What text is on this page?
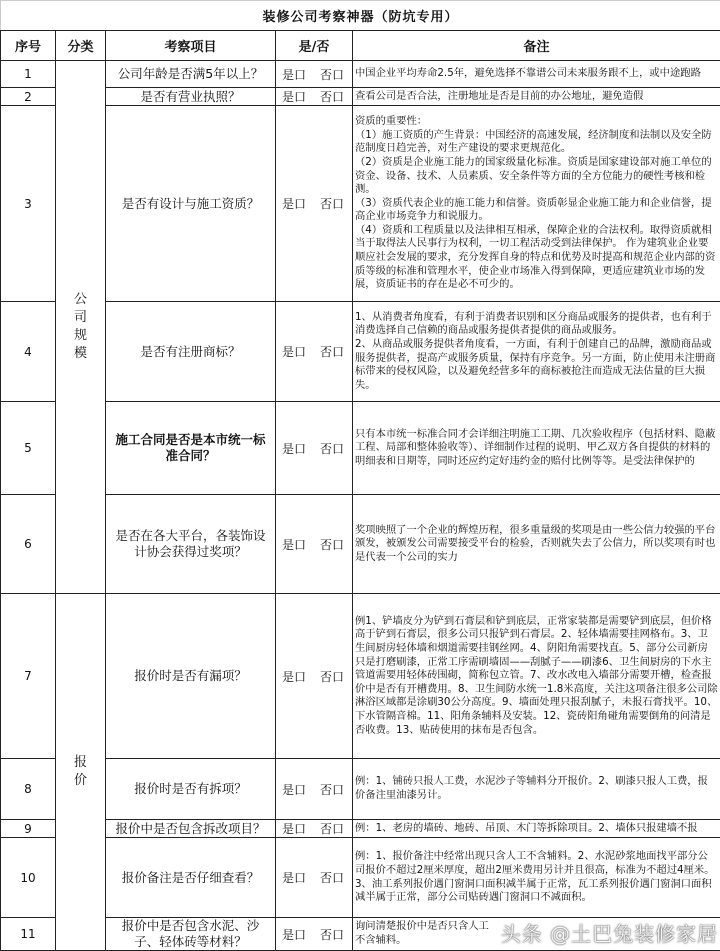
装修公司考察神器（防坑专用）				
序号	分类	考察项目	是/否	备注
1	公司规模	公司年龄是否满5年以上？	是口 否口	中国企业平均寿命2.5年，避免选择不靠谱公司未来服务跟不上，或中途跑路
2		是否有营业执照？	是口 否口	查看公司是否合法，注册地址是否是目前的办公地址，避免造假
3		是否有设计与施工资质？	是口 否口	资质的重要性：
（1）施工资质的产生背景：中国经济的高速发展，经济制度和法制以及安全防范制度日趋完善，对生产建设的要求更规范化。
（2）资质是企业施工能力的国家级量化标准。资质是国家建设部对施工单位的资金、设备、技术、人员素质、安全条件等方面的全方位能力的硬性考核和检测。
（3）资质代表企业的施工能力和信誉。资质彰显企业施工能力和企业信誉，提高企业市场竞争力和说服力。
（4）资质和工程质量以及法律相互相承，保障企业的合法权利。取得资质就相当于取得法人民事行为权利，一切工程活动受到法律保护。 作为建筑业企业要顺应社会发展的要求，充分发挥自身的特点和优势及时提高和规范企业内部的资质等级的标准和管理水平，使企业市场准入得到保障，更适应建筑业市场的发展，资质证书的存在是必不可少的。
4		是否有注册商标？	是口 否口	1、从消费者角度看，有利于消费者识别和区分商品或服务的提供者，也有利于消费选择自己信赖的商品或服务提供者提供的商品或服务。
2、从商品或服务提供者角度看，一方面，有利于创建自己的品牌，激励商品或服务提供者，提高产或服务质量，保持有序竞争。另一方面，防止使用未注册商标带来的侵权风险，以及避免经营多年的商标被抢注而造成无法估量的巨大损失。
5		施工合同是否是本市统一标准合同？	是口 否口	只有本市统一标准合同才会详细注明施工工期、几次验收程序（包括材料、隐蔽工程、局部和整体验收等）、详细制作过程的说明、甲乙双方各自提供的材料的明细表和日期等，同时还应约定好违约金的赔付比例等等。是受法律保护的
6		是否在各大平台，各装饰设计协会获得过奖项？	是口 否口	奖项映照了一个企业的辉煌历程，很多重量级的奖项是由一些公信力较强的平台颁发，被颁发公司需要接受平台的检验，否则就失去了公信力，所以奖项有时也是代表一个公司的实力
7	报价	报价时是否有漏项？	是口 否口	例1、铲墙皮分为铲到石膏层和铲到底层，正常家装都是需要铲到底层，但价格高于铲到石膏层，很多公司只报铲到石膏层。2、轻体墙需要挂网格布。3、卫生间厨房轻体墙和烟道需要挂钢丝网。4、阴阳角需要找直。5、部分公司新房只是打磨刷漆，正常工序需刷墙固——刮腻子——刷漆6、卫生间厨房的下水主管道需要用轻体砖围砌，简称包立管。7、改水改电入墙部分需要开槽，检查报价中是否有开槽费用。8、卫生间防水统一1.8米高度，关注这项备注很多公司除淋浴区域都是涂刷30公分高度。9、墙面处理只报刮腻子，未报石膏找平。10、下水管隔音棉。11、阳角条辅料及安装。12、瓷砖阳角碰角需要倒角的问清是否收费。13、贴砖使用的抹布是否包含。
8		报价时是否有拆项？	是口 否口	例：1、铺砖只报人工费，水泥沙子等辅料分开报价。2、刷漆只报人工费，报价备注里油漆另计。
9		报价中是否包含拆改项目？	是口 否口	例：1、老房的墙砖、地砖、吊顶、木门等拆除项目。2、墙体只报建墙不报
10		报价备注是否仔细查看？	是口 否口	例：1、报价备注中经常出现只含人工不含辅料。2、水泥砂浆地面找平部分公司报价不超过2厘米厚度，超出2厘米费用另计并且很高，标准为不超过4厘米。3、油工系列报价遇门窗洞口面积减半属于正常，瓦工系列报价遇门窗洞口面积减半属于正常，部分公司贴砖遇门窗洞口不减面积。
11		报价中是否包含水泥、沙子、轻体砖等材料？	是口 否口	询问清楚报价中是否只含人工不含辅料。 头条 @土巴兔装修家居
